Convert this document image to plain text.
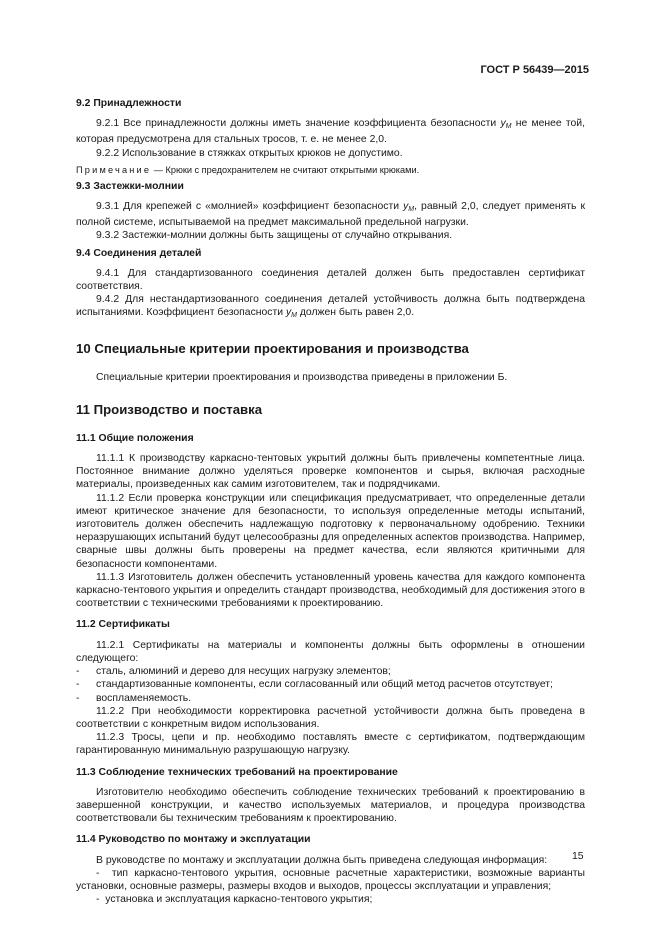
ГОСТ Р 56439—2015
9.2 Принадлежности

9.2.1 Все принадлежности должны иметь значение коэффициента безопасности $y_M$ не менее той, которая предусмотрена для стальных тросов, т. е. не менее 2,0.

9.2.2 Использование в стяжках открытых крюков не допустимо.

Примечание — Крюки с предохранителем не считают открытыми крюками.

9.3 Застежки-молнии

9.3.1 Для крепежей с «молнией» коэффициент безопасности $y_M$, равный 2,0, следует применять к полной системе, испытываемой на предмет максимальной предельной нагрузки.

9.3.2 Застежки-молнии должны быть защищены от случайно открывания.

9.4 Соединения деталей

9.4.1 Для стандартизованного соединения деталей должен быть предоставлен сертификат соответствия.

9.4.2 Для нестандартизованного соединения деталей устойчивость должна быть подтверждена испытаниями. Коэффициент безопасности $y_M$ должен быть равен 2,0.

10 Специальные критерии проектирования и производства

Специальные критерии проектирования и производства приведены в приложении Б.

11 Производство и поставка
11.1 Общие положения

11.1.1 К производству каркасно-тентовых укрытий должны быть привлечены компетентные лица. Постоянное внимание должно уделяться проверке компонентов и сырья, включая расходные материалы, произведенных как самим изготовителем, так и подрядчиками.

11.1.2 Если проверка конструкции или спецификация предусматривает, что определенные детали имеют критическое значение для безопасности, то используя определенные методы испытаний, изготовитель должен обеспечить надлежащую подготовку к первоначальному одобрению. Техники неразрушающих испытаний будут целесообразны для определенных аспектов производства. Например, сварные швы должны быть проверены на предмет качества, если являются критичными для безопасности компонентами.

11.1.3 Изготовитель должен обеспечить установленный уровень качества для каждого компонента каркасно-тентового укрытия и определить стандарт производства, необходимый для достижения этого в соответствии с техническими требованиями к проектированию.

11.2 Сертификаты

11.2.1 Сертификаты на материалы и компоненты должны быть оформлены в отношении следующего:

- сталь, алюминий и дерево для несущих нагрузку элементов;

- стандартизованные компоненты, если согласованный или общий метод расчетов отсутствует;

- воспламеняемость.

11.2.2 При необходимости корректировка расчетной устойчивости должна быть проведена в соответствии с конкретным видом использования.

11.2.3 Тросы, цепи и пр. необходимо поставлять вместе с сертификатом, подтверждающим гарантированную минимальную разрушающую нагрузку.

11.3 Соблюдение технических требований на проектирование

Изготовителю необходимо обеспечить соблюдение технических требований к проектированию в завершенной конструкции, и качество используемых материалов, и процедура производства соответствовали бы техническим требованиям к проектированию.

11.4 Руководство по монтажу и эксплуатации

В руководстве по монтажу и эксплуатации должна быть приведена следующая информация:

-  тип каркасно-тентового укрытия, основные расчетные характеристики, возможные варианты установки, основные размеры, размеры входов и выходов, процессы эксплуатации и управления;

-  установка и эксплуатация каркасно-тентового укрытия;

15
